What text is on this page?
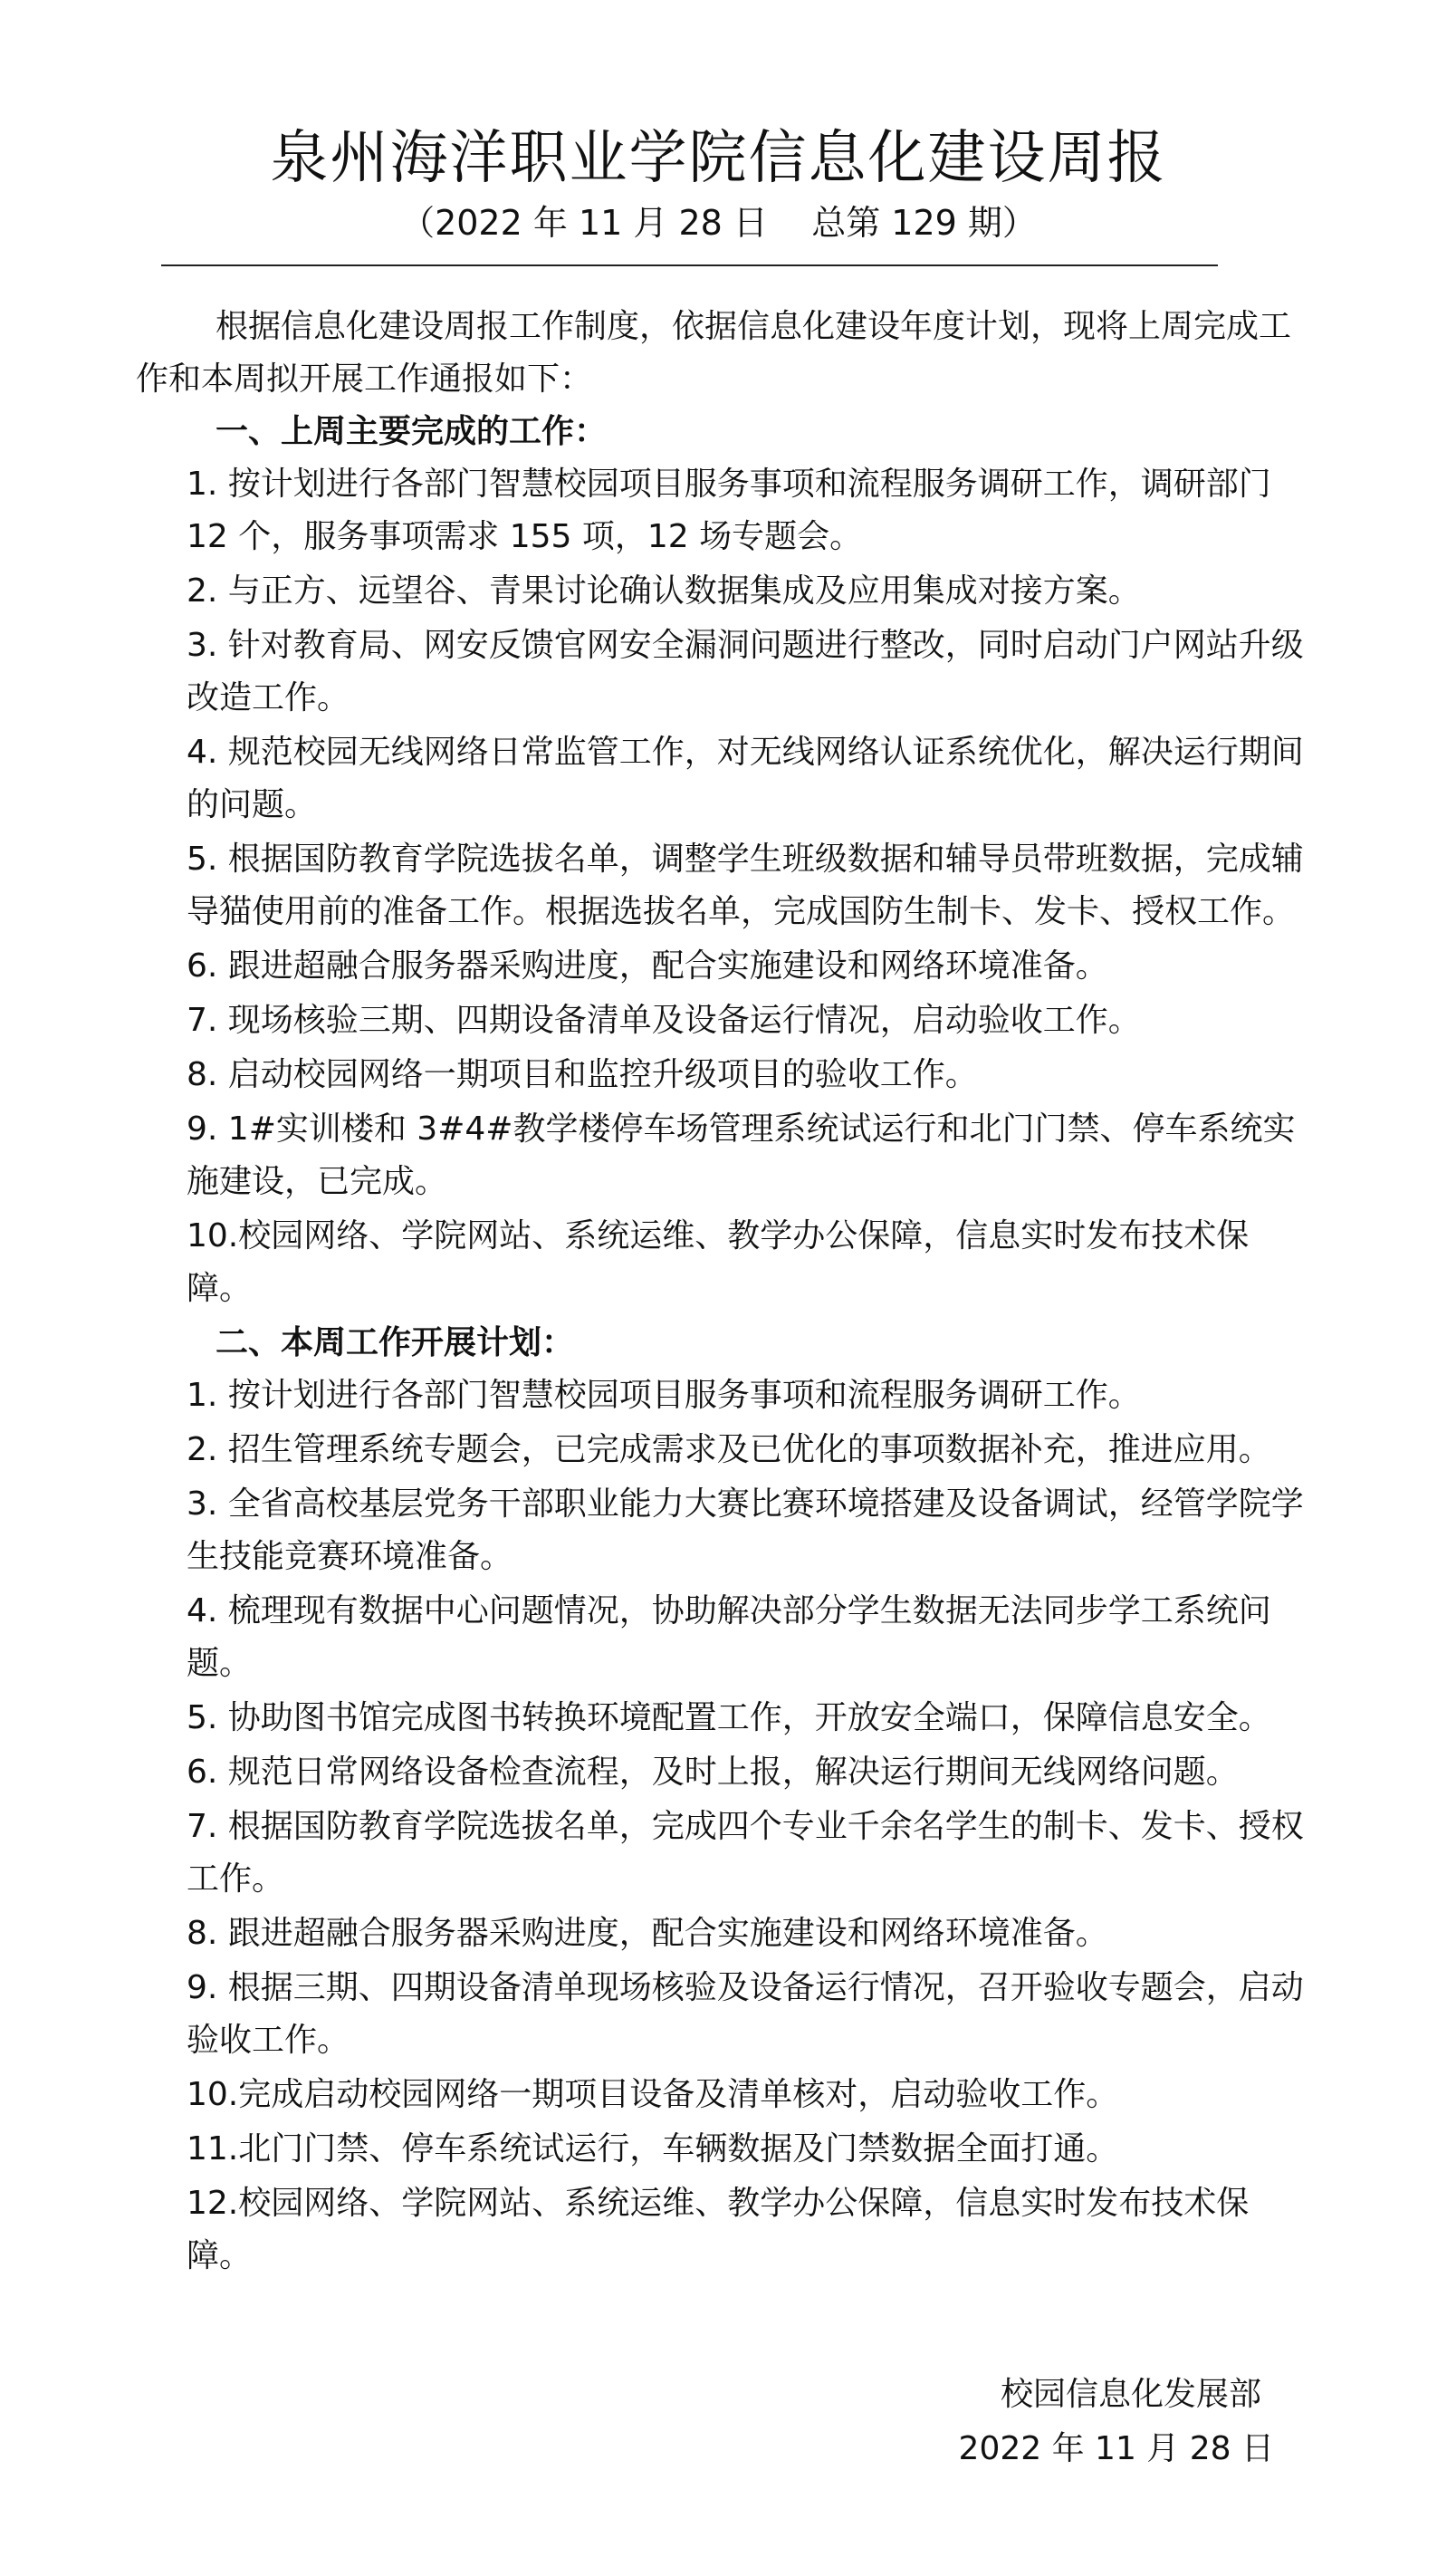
泉州海洋职业学院信息化建设周报
（2022 年 11 月 28 日    总第 129 期）

根据信息化建设周报工作制度，依据信息化建设年度计划，现将上周完成工作和本周拟开展工作通报如下：

一、上周主要完成的工作：

1. 按计划进行各部门智慧校园项目服务事项和流程服务调研工作，调研部门 12 个，服务事项需求 155 项，12 场专题会。
2. 与正方、远望谷、青果讨论确认数据集成及应用集成对接方案。
3. 针对教育局、网安反馈官网安全漏洞问题进行整改，同时启动门户网站升级改造工作。
4. 规范校园无线网络日常监管工作，对无线网络认证系统优化，解决运行期间的问题。
5. 根据国防教育学院选拔名单，调整学生班级数据和辅导员带班数据，完成辅导猫使用前的准备工作。根据选拔名单，完成国防生制卡、发卡、授权工作。
6. 跟进超融合服务器采购进度，配合实施建设和网络环境准备。
7. 现场核验三期、四期设备清单及设备运行情况，启动验收工作。
8. 启动校园网络一期项目和监控升级项目的验收工作。
9. 1#实训楼和 3#4#教学楼停车场管理系统试运行和北门门禁、停车系统实施建设，已完成。
10.校园网络、学院网站、系统运维、教学办公保障，信息实时发布技术保障。

二、本周工作开展计划：

1. 按计划进行各部门智慧校园项目服务事项和流程服务调研工作。
2. 招生管理系统专题会，已完成需求及已优化的事项数据补充，推进应用。
3. 全省高校基层党务干部职业能力大赛比赛环境搭建及设备调试，经管学院学生技能竞赛环境准备。
4. 梳理现有数据中心问题情况，协助解决部分学生数据无法同步学工系统问题。
5. 协助图书馆完成图书转换环境配置工作，开放安全端口，保障信息安全。
6. 规范日常网络设备检查流程，及时上报，解决运行期间无线网络问题。
7. 根据国防教育学院选拔名单，完成四个专业千余名学生的制卡、发卡、授权工作。
8. 跟进超融合服务器采购进度，配合实施建设和网络环境准备。
9. 根据三期、四期设备清单现场核验及设备运行情况，召开验收专题会，启动验收工作。
10.完成启动校园网络一期项目设备及清单核对，启动验收工作。
11.北门门禁、停车系统试运行，车辆数据及门禁数据全面打通。
12.校园网络、学院网站、系统运维、教学办公保障，信息实时发布技术保障。
校园信息化发展部
2022 年 11 月 28 日
